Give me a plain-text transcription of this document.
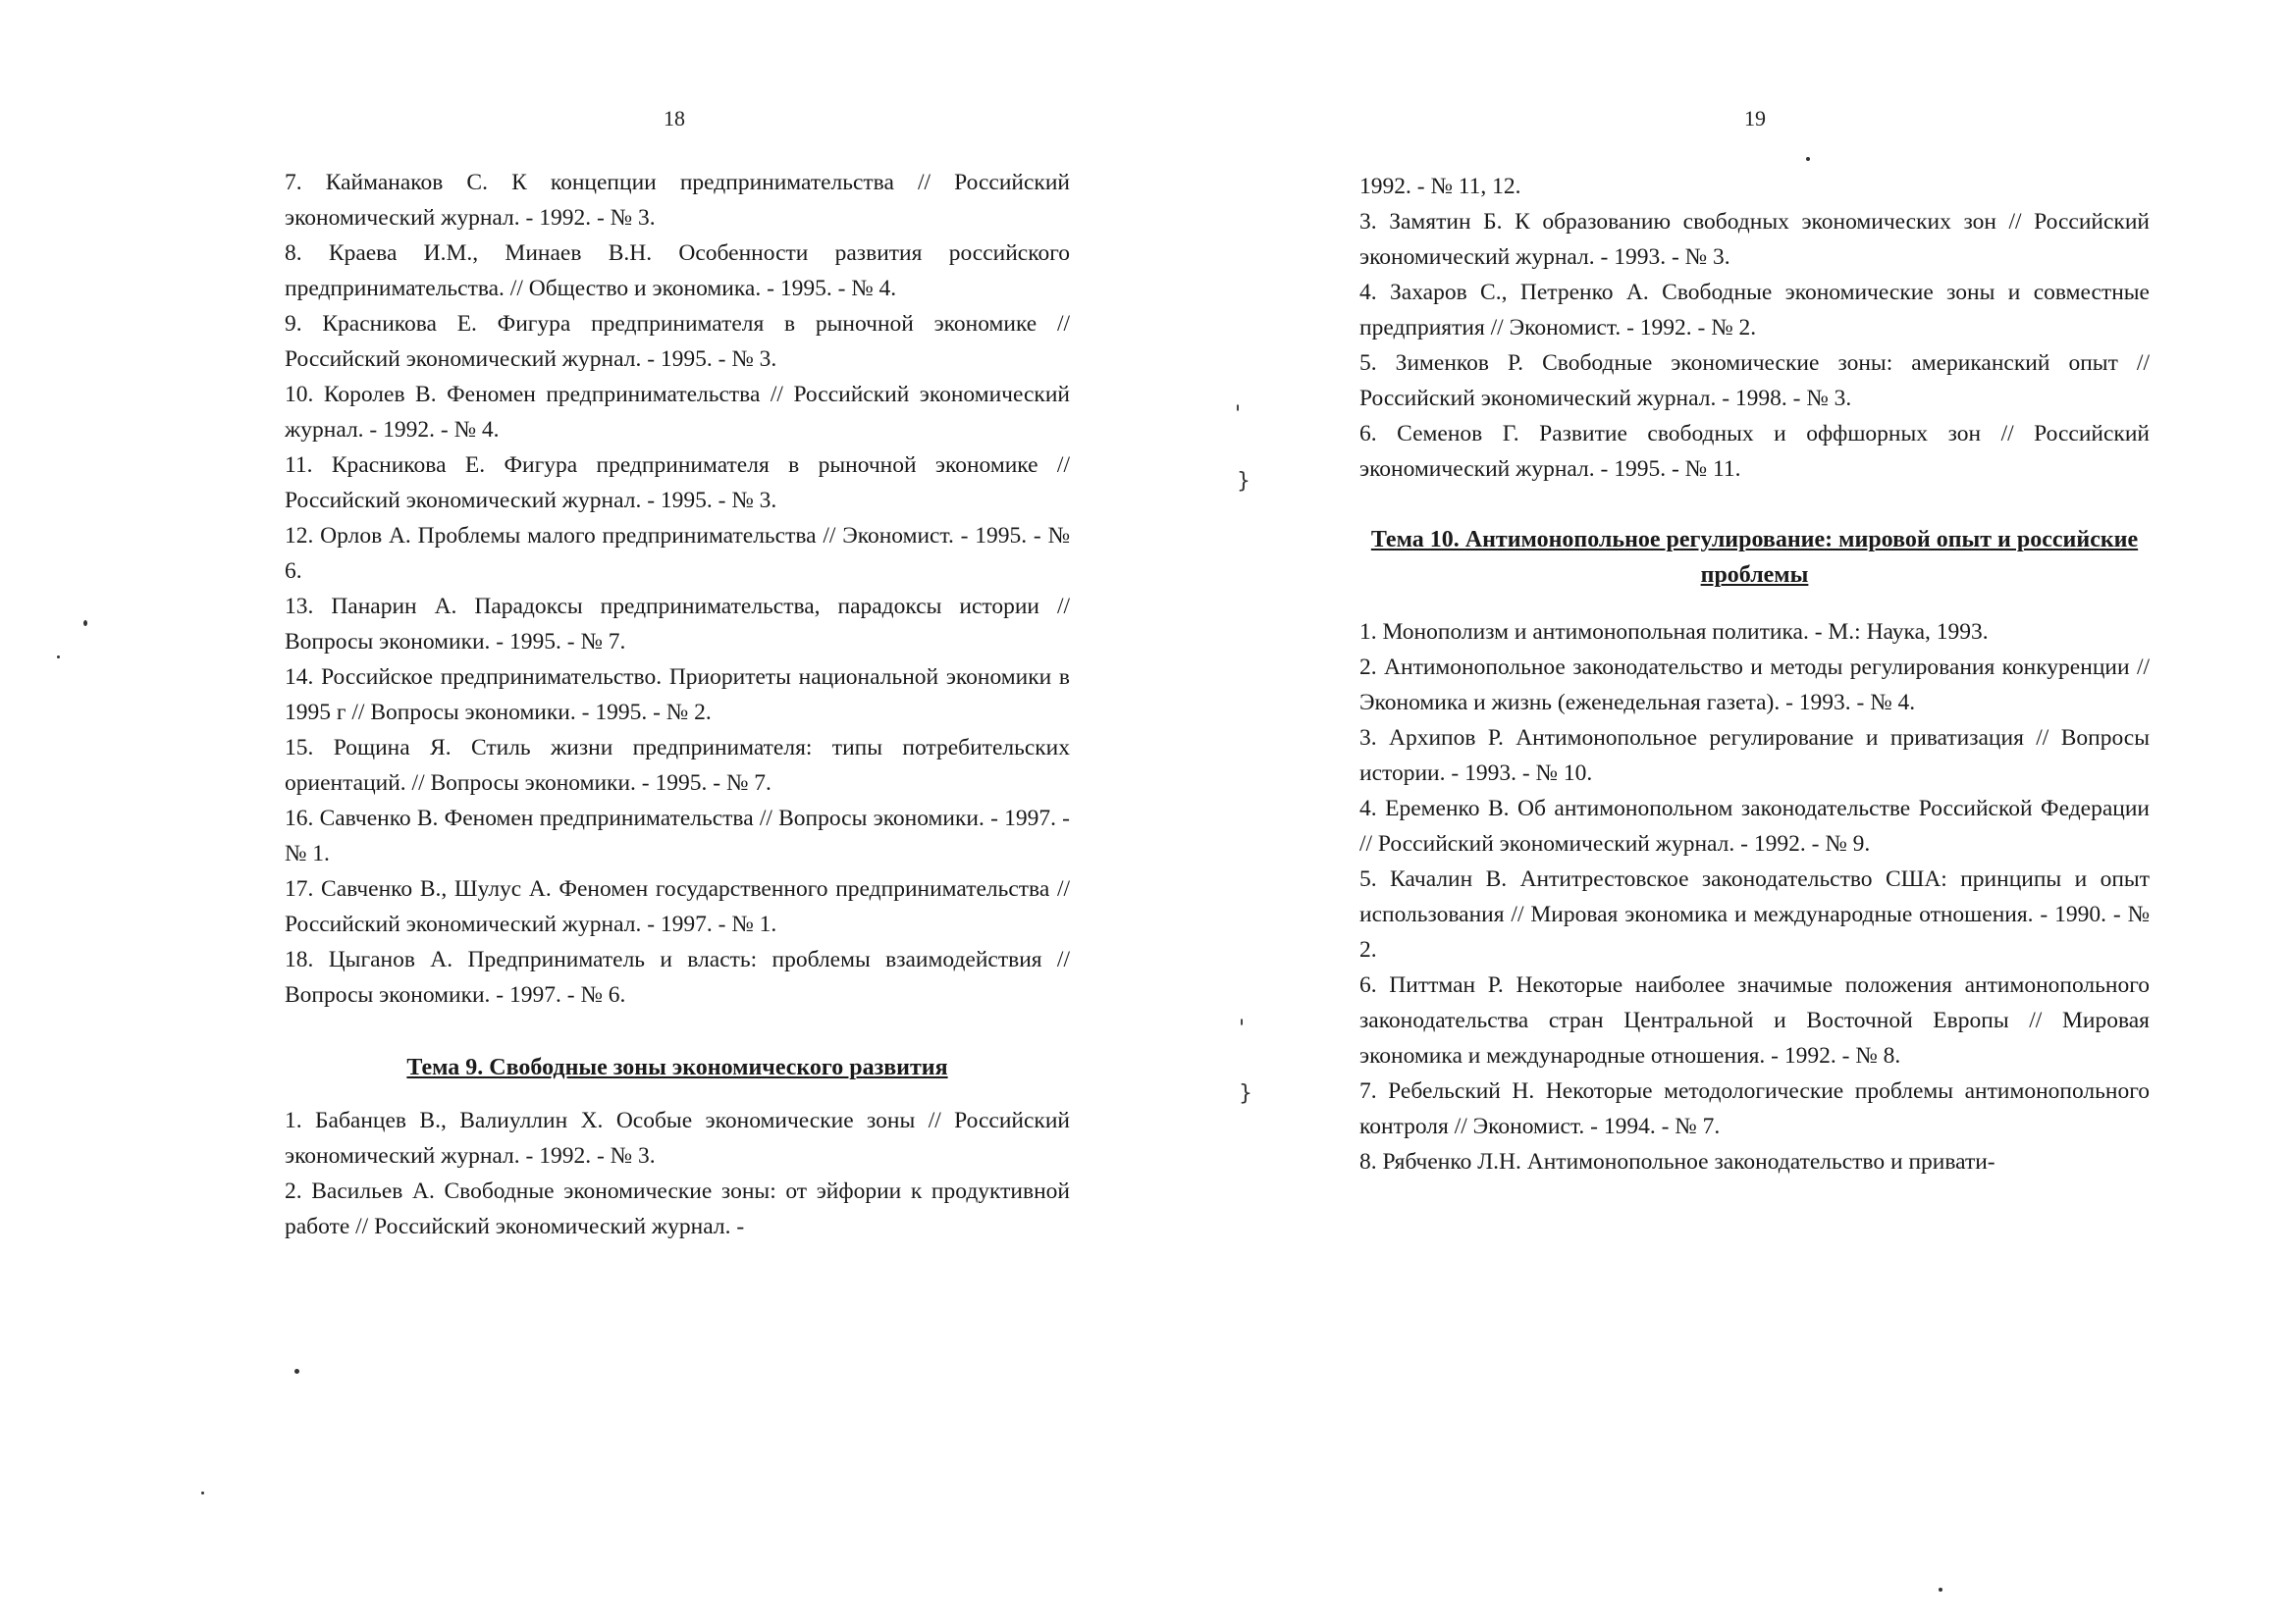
18

7. Кайманаков С. К концепции предпринимательства // Российский экономический журнал. - 1992. - № 3.

8. Краева И.М., Минаев В.Н. Особенности развития российского предпринимательства. // Общество и экономика. - 1995. - № 4.

9. Красникова Е. Фигура предпринимателя в рыночной экономике // Российский экономический журнал. - 1995. - № 3.

10. Королев В. Феномен предпринимательства // Российский экономический журнал. - 1992. - № 4.

11. Красникова Е. Фигура предпринимателя в рыночной экономике // Российский экономический журнал. - 1995. - № 3.

12. Орлов А. Проблемы малого предпринимательства // Экономист. - 1995. - № 6.

13. Панарин А. Парадоксы предпринимательства, парадоксы истории // Вопросы экономики. - 1995. - № 7.

14. Российское предпринимательство. Приоритеты национальной экономики в 1995 г // Вопросы экономики. - 1995. - № 2.

15. Рощина Я. Стиль жизни предпринимателя: типы потребительских ориентаций. // Вопросы экономики. - 1995. - № 7.

16. Савченко В. Феномен предпринимательства // Вопросы экономики. - 1997. - № 1.

17. Савченко В., Шулус А. Феномен государственного предпринимательства // Российский экономический журнал. - 1997. - № 1.

18. Цыганов А. Предприниматель и власть: проблемы взаимодействия // Вопросы экономики. - 1997. - № 6.

Тема 9. Свободные зоны экономического развития

1. Бабанцев В., Валиуллин Х. Особые экономические зоны // Российский экономический журнал. - 1992. - № 3.

2. Васильев А. Свободные экономические зоны: от эйфории к продуктивной работе // Российский экономический журнал. -

19

1992. - № 11, 12.

3. Замятин Б. К образованию свободных экономических зон // Российский экономический журнал. - 1993. - № 3.

4. Захаров С., Петренко А. Свободные экономические зоны и совместные предприятия // Экономист. - 1992. - № 2.

5. Зименков Р. Свободные экономические зоны: американский опыт // Российский экономический журнал. - 1998. - № 3.

6. Семенов Г. Развитие свободных и оффшорных зон // Российский экономический журнал. - 1995. - № 11.

Тема 10. Антимонопольное регулирование: мировой опыт и российские проблемы

1. Монополизм и антимонопольная политика. - М.: Наука, 1993.

2. Антимонопольное законодательство и методы регулирования конкуренции // Экономика и жизнь (еженедельная газета). - 1993. - № 4.

3. Архипов Р. Антимонопольное регулирование и приватизация // Вопросы истории. - 1993. - № 10.

4. Еременко В. Об антимонопольном законодательстве Российской Федерации // Российский экономический журнал. - 1992. - № 9.

5. Качалин В. Антитрестовское законодательство США: принципы и опыт использования // Мировая экономика и международные отношения. - 1990. - № 2.

6. Питтман Р. Некоторые наиболее значимые положения антимонопольного законодательства стран Центральной и Восточной Европы // Мировая экономика и международные отношения. - 1992. - № 8.

7. Ребельский Н. Некоторые методологические проблемы антимонопольного контроля // Экономист. - 1994. - № 7.

8. Рябченко Л.Н. Антимонопольное законодательство и привати-

'
}
'
}
